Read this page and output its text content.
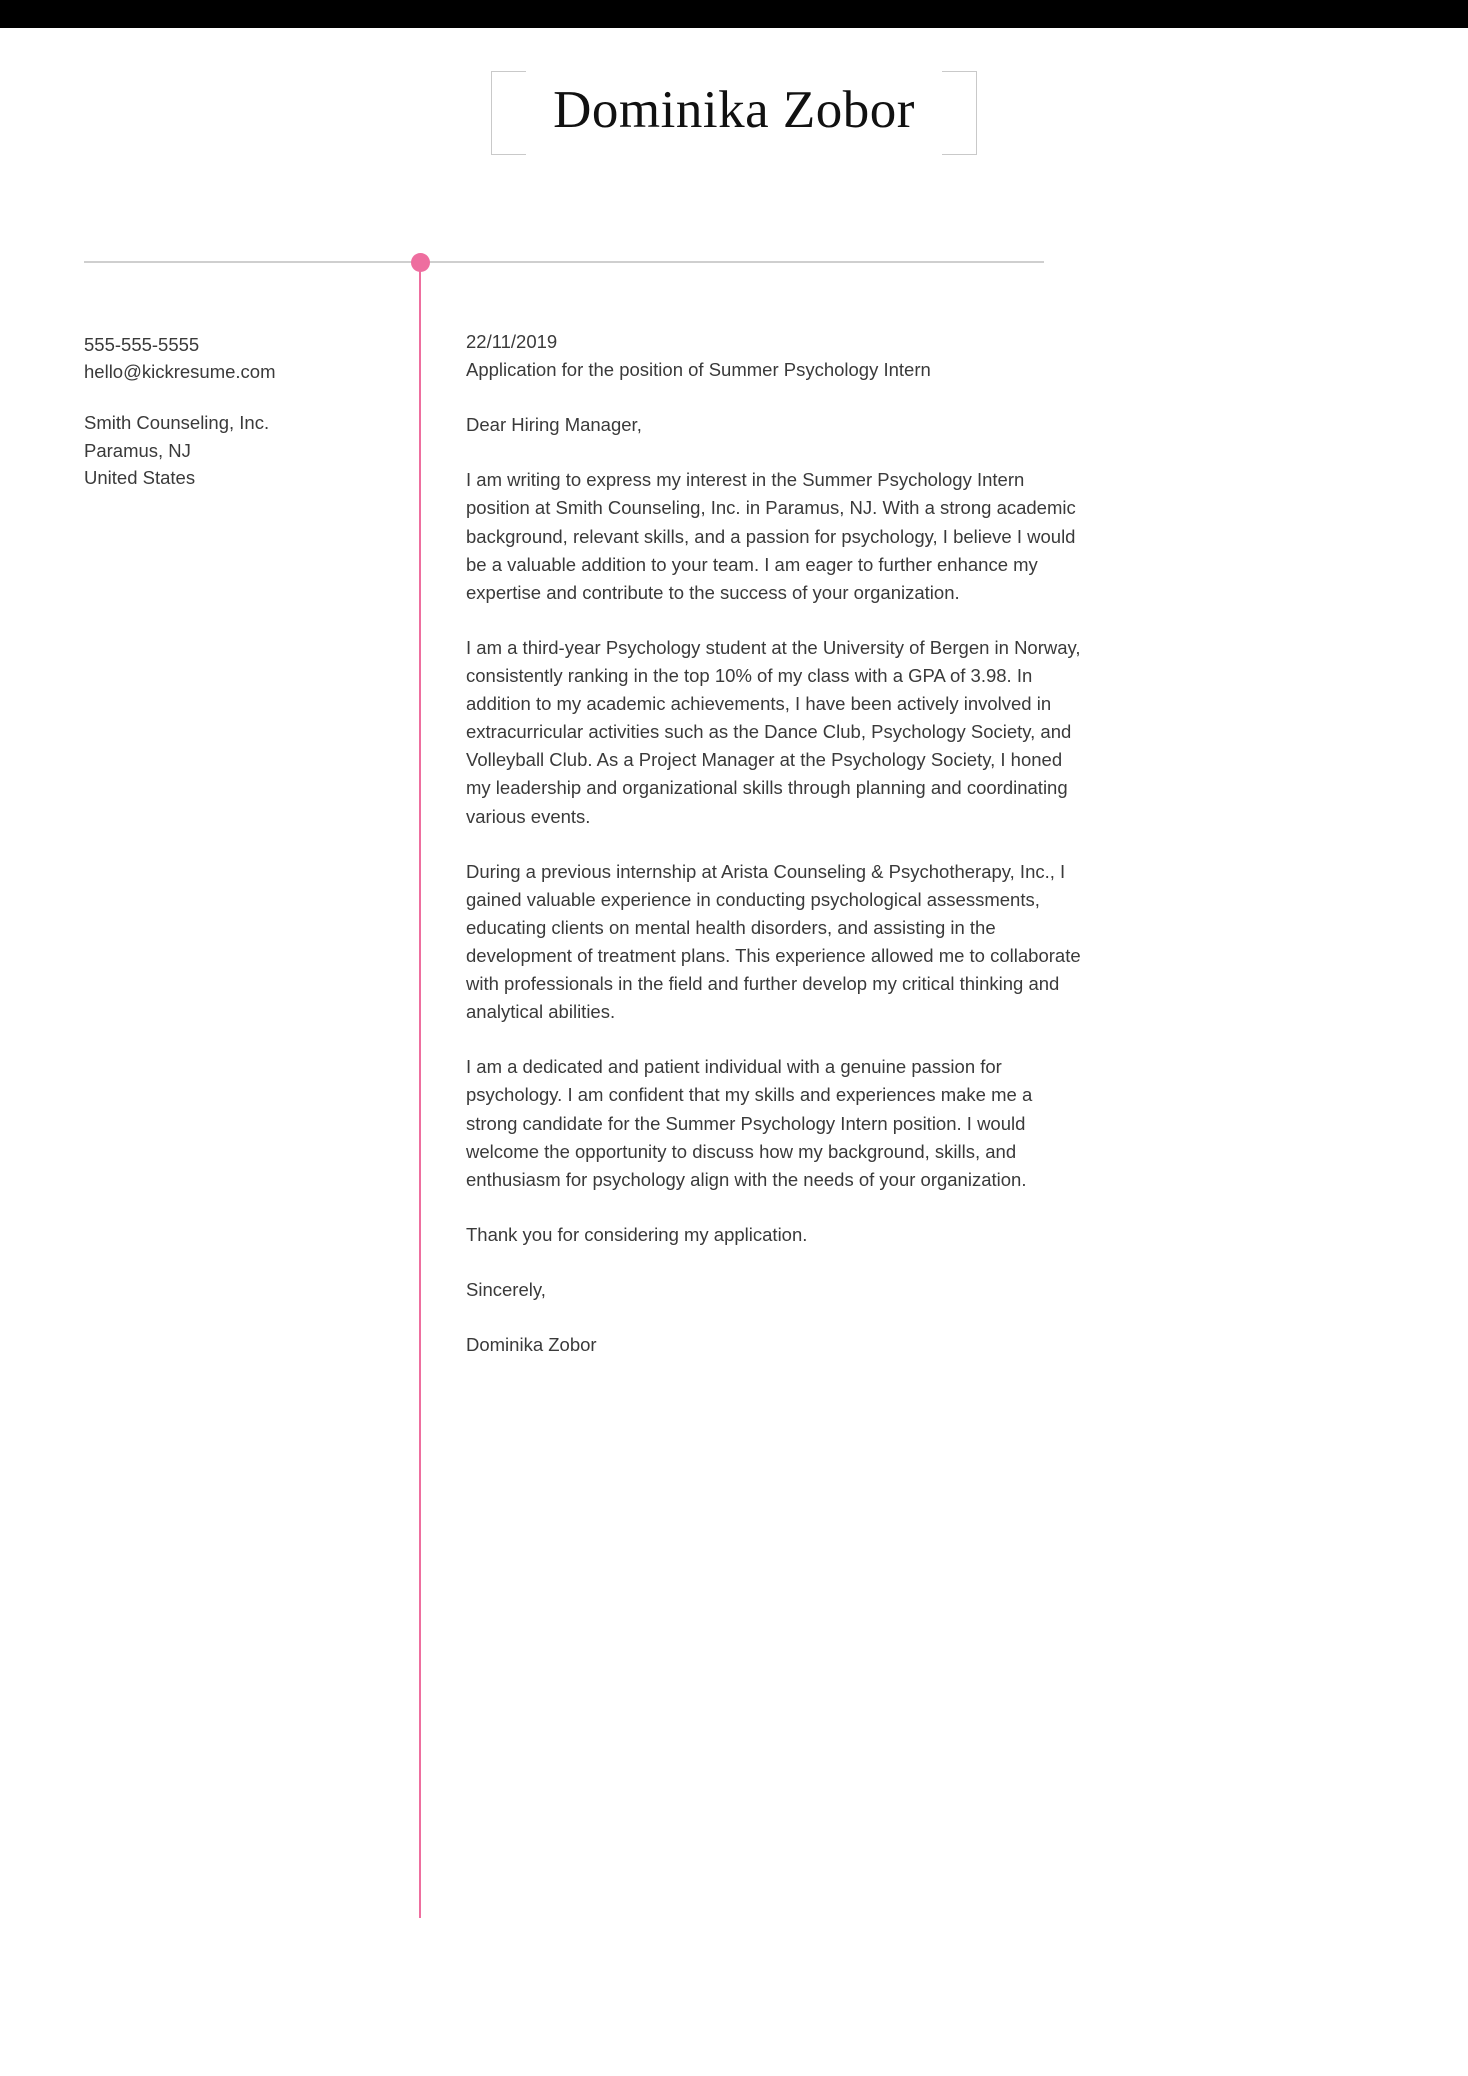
Dominika Zobor
555-555-5555
hello@kickresume.com
Smith Counseling, Inc.
Paramus, NJ
United States
22/11/2019
Application for the position of Summer Psychology Intern
Dear Hiring Manager,

I am writing to express my interest in the Summer Psychology Intern position at Smith Counseling, Inc. in Paramus, NJ. With a strong academic background, relevant skills, and a passion for psychology, I believe I would be a valuable addition to your team. I am eager to further enhance my expertise and contribute to the success of your organization.

I am a third-year Psychology student at the University of Bergen in Norway, consistently ranking in the top 10% of my class with a GPA of 3.98. In addition to my academic achievements, I have been actively involved in extracurricular activities such as the Dance Club, Psychology Society, and Volleyball Club. As a Project Manager at the Psychology Society, I honed my leadership and organizational skills through planning and coordinating various events.

During a previous internship at Arista Counseling & Psychotherapy, Inc., I gained valuable experience in conducting psychological assessments, educating clients on mental health disorders, and assisting in the development of treatment plans. This experience allowed me to collaborate with professionals in the field and further develop my critical thinking and analytical abilities.

I am a dedicated and patient individual with a genuine passion for psychology. I am confident that my skills and experiences make me a strong candidate for the Summer Psychology Intern position. I would welcome the opportunity to discuss how my background, skills, and enthusiasm for psychology align with the needs of your organization.

Thank you for considering my application.

Sincerely,
Dominika Zobor
